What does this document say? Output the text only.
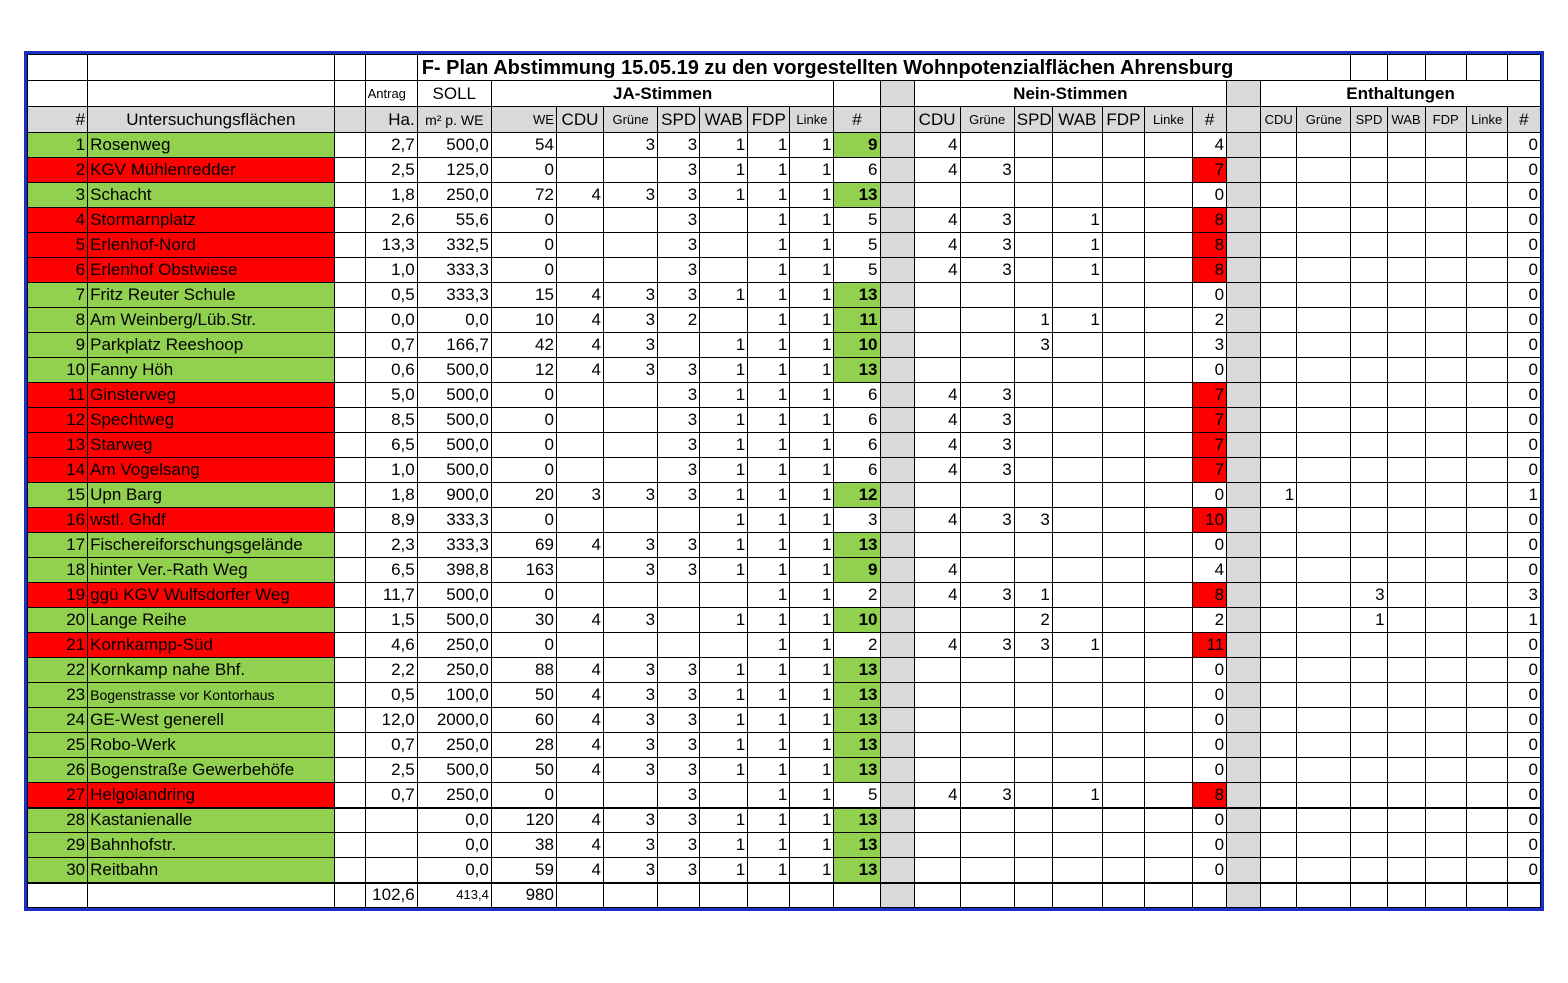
				F- Plan Abstimmung 15.05.19 zu den vorgestellten Wohnpotenzialflächen Ahrensburg																								
			Antrag	SOLL	JA-Stimmen									Nein-Stimmen								Enthaltungen						
#	Untersuchungsflächen		Ha.	m² p. WE	WE	CDU	Grüne	SPD	WAB	FDP	Linke	#		CDU	Grüne	SPD	WAB	FDP	Linke	#		CDU	Grüne	SPD	WAB	FDP	Linke	#
1	Rosenweg		2,7	500,0	54		3	3	1	1	1	9		4						4								0
2	KGV Mühlenredder		2,5	125,0	0			3	1	1	1	6		4	3					7								0
3	Schacht		1,8	250,0	72	4	3	3	1	1	1	13								0								0
4	Stormarnplatz		2,6	55,6	0			3		1	1	5		4	3		1			8								0
5	Erlenhof-Nord		13,3	332,5	0			3		1	1	5		4	3		1			8								0
6	Erlenhof Obstwiese		1,0	333,3	0			3		1	1	5		4	3		1			8								0
7	Fritz Reuter Schule		0,5	333,3	15	4	3	3	1	1	1	13								0								0
8	Am Weinberg/Lüb.Str.		0,0	0,0	10	4	3	2		1	1	11				1	1			2								0
9	Parkplatz Reeshoop		0,7	166,7	42	4	3		1	1	1	10				3				3								0
10	Fanny Höh		0,6	500,0	12	4	3	3	1	1	1	13								0								0
11	Ginsterweg		5,0	500,0	0			3	1	1	1	6		4	3					7								0
12	Spechtweg		8,5	500,0	0			3	1	1	1	6		4	3					7								0
13	Starweg		6,5	500,0	0			3	1	1	1	6		4	3					7								0
14	Am Vogelsang		1,0	500,0	0			3	1	1	1	6		4	3					7								0
15	Upn Barg		1,8	900,0	20	3	3	3	1	1	1	12								0		1						1
16	wstl. Ghdf		8,9	333,3	0				1	1	1	3		4	3	3				10								0
17	Fischereiforschungsgelände		2,3	333,3	69	4	3	3	1	1	1	13								0								0
18	hinter Ver.-Rath Weg		6,5	398,8	163		3	3	1	1	1	9		4						4								0
19	ggü KGV Wulfsdorfer Weg		11,7	500,0	0					1	1	2		4	3	1				8				3				3
20	Lange Reihe		1,5	500,0	30	4	3		1	1	1	10				2				2				1				1
21	Kornkampp-Süd		4,6	250,0	0					1	1	2		4	3	3	1			11								0
22	Kornkamp nahe Bhf.		2,2	250,0	88	4	3	3	1	1	1	13								0								0
23	Bogenstrasse vor Kontorhaus		0,5	100,0	50	4	3	3	1	1	1	13								0								0
24	GE-West generell		12,0	2000,0	60	4	3	3	1	1	1	13								0								0
25	Robo-Werk		0,7	250,0	28	4	3	3	1	1	1	13								0								0
26	Bogenstraße Gewerbehöfe		2,5	500,0	50	4	3	3	1	1	1	13								0								0
27	Helgolandring		0,7	250,0	0			3		1	1	5		4	3		1			8								0
28	Kastanienalle			0,0	120	4	3	3	1	1	1	13								0								0
29	Bahnhofstr.			0,0	38	4	3	3	1	1	1	13								0								0
30	Reitbahn			0,0	59	4	3	3	1	1	1	13								0								0
			102,6	413,4	980																							
